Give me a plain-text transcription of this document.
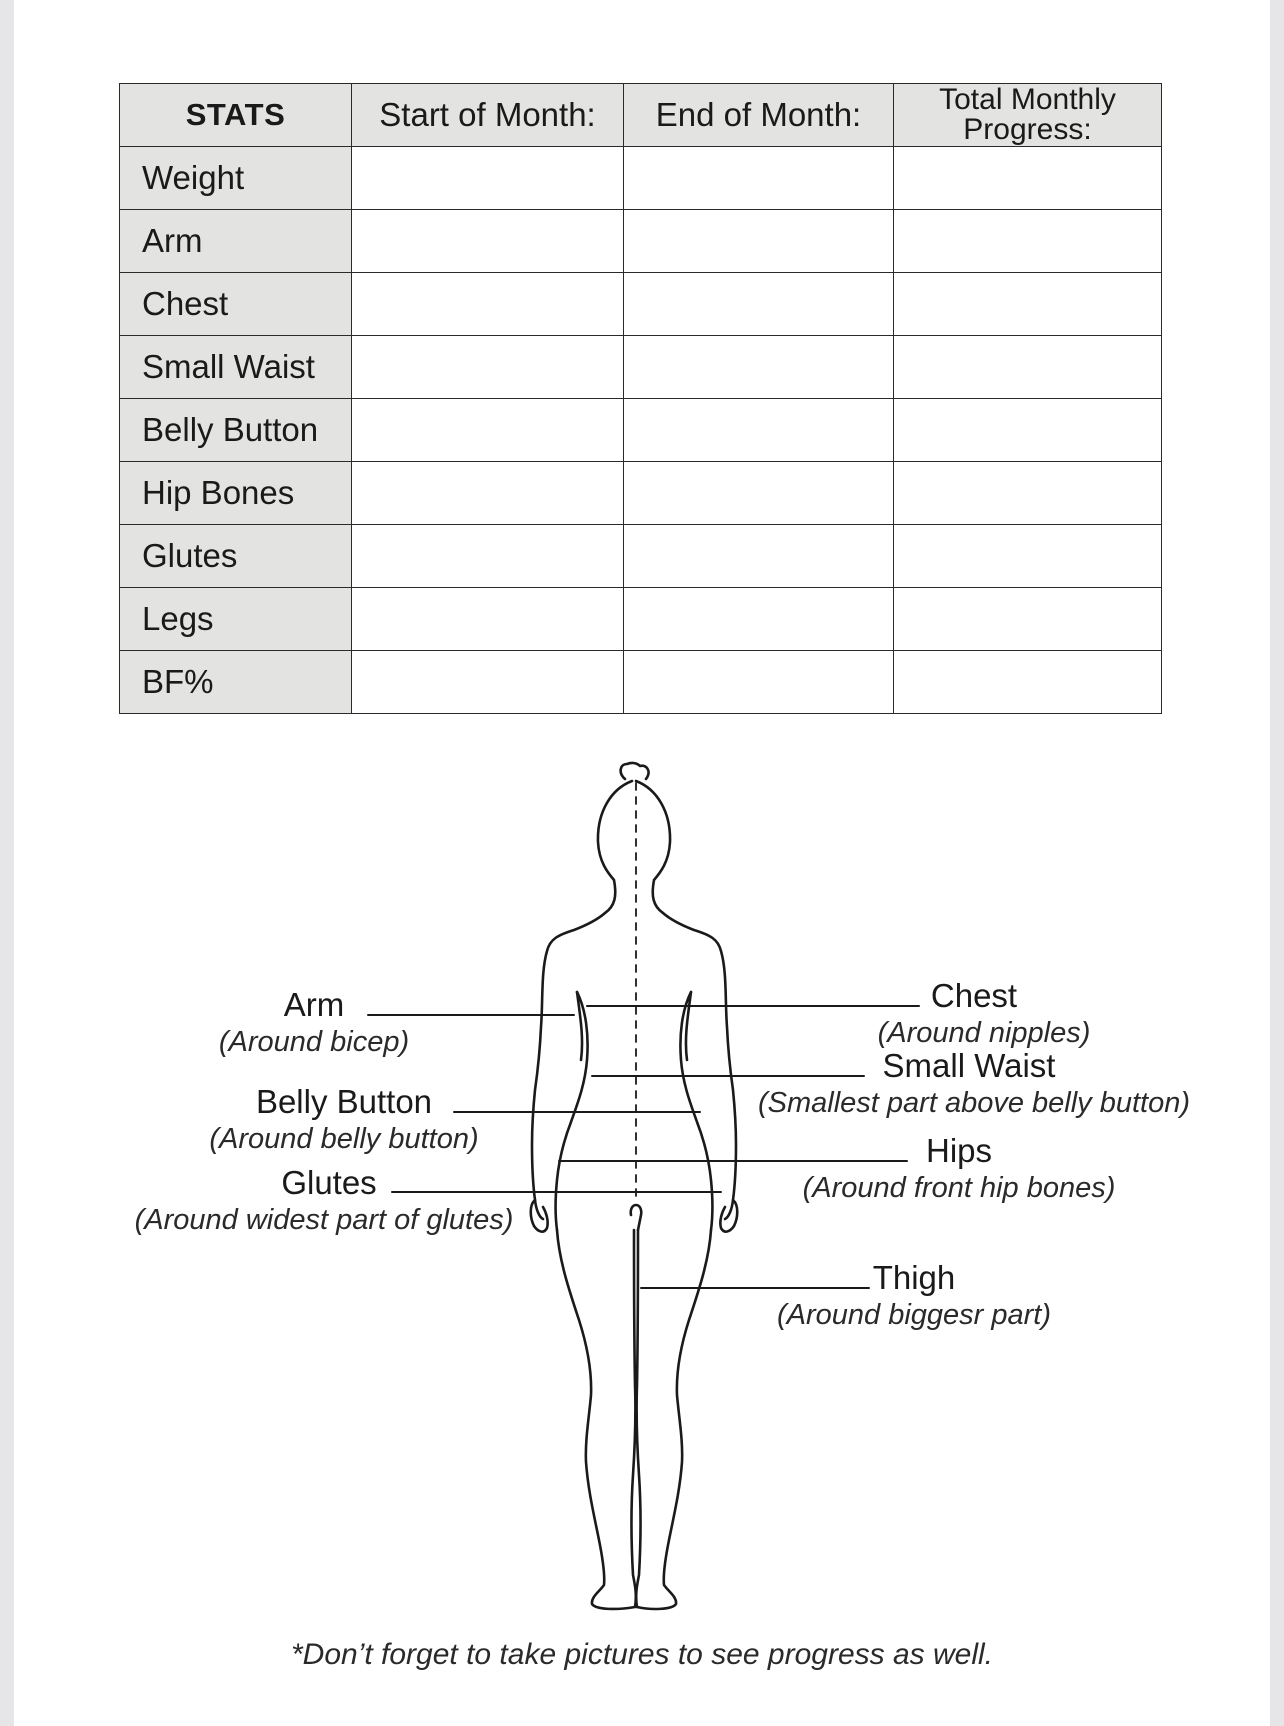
STATS	Start of Month:	End of Month:	Total Monthly
Progress:

Weight			
Arm			
Chest			
Small Waist			
Belly Button			
Hip Bones			
Glutes			
Legs			
BF%			
Arm
(Around bicep)
Belly Button
(Around belly button)
Glutes
(Around widest part of glutes)
Chest
(Around nipples)
Small Waist
(Smallest part above belly button)
Hips
(Around front hip bones)
Thigh
(Around biggesr part)
*Don’t forget to take pictures to see progress as well.
